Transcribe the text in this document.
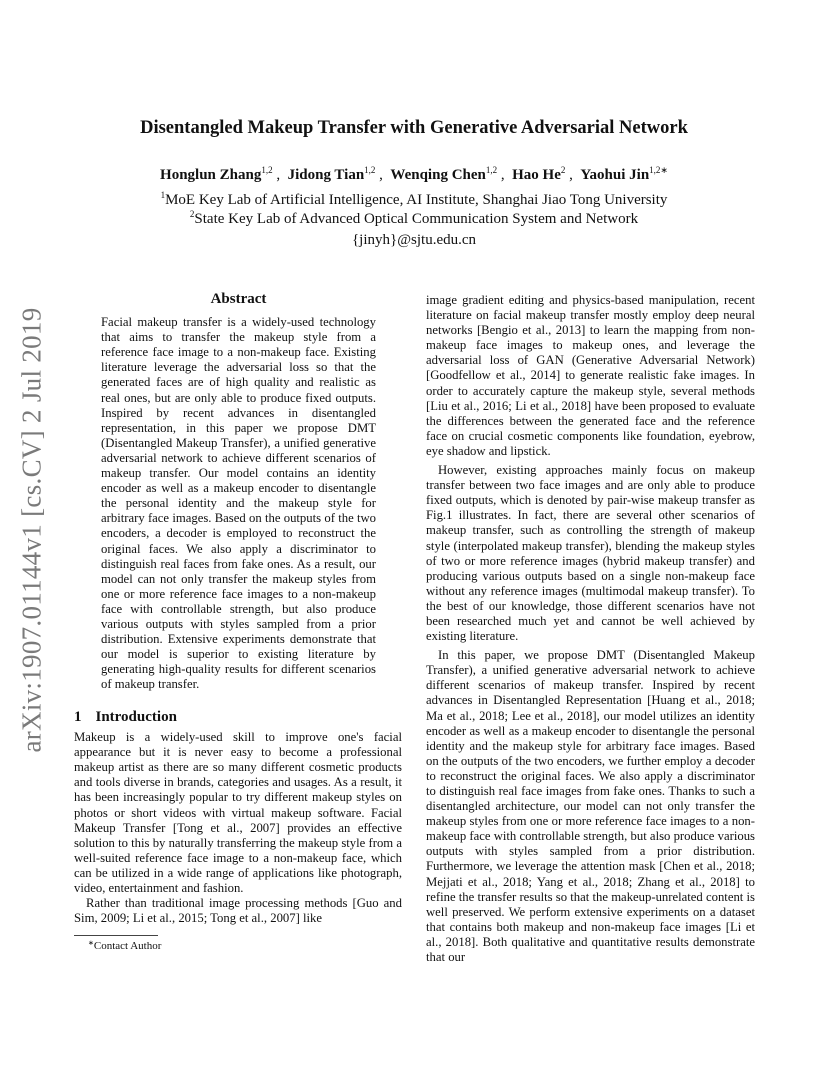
arXiv:1907.01144v1 [cs.CV] 2 Jul 2019
Disentangled Makeup Transfer with Generative Adversarial Network
Honglun Zhang$^{1,2}$ ,  Jidong Tian$^{1,2}$ ,  Wenqing Chen$^{1,2}$ ,  Hao He$^2$ ,  Yaohui Jin$^{1,2∗}$
$^1$MoE Key Lab of Artificial Intelligence, AI Institute, Shanghai Jiao Tong University
$^2$State Key Lab of Advanced Optical Communication System and Network
{jinyh}@sjtu.edu.cn
Abstract

Facial makeup transfer is a widely-used technology that aims to transfer the makeup style from a reference face image to a non-makeup face. Existing literature leverage the adversarial loss so that the generated faces are of high quality and realistic as real ones, but are only able to produce fixed outputs. Inspired by recent advances in disentangled representation, in this paper we propose DMT (Disentangled Makeup Transfer), a unified generative adversarial network to achieve different scenarios of makeup transfer. Our model contains an identity encoder as well as a makeup encoder to disentangle the personal identity and the makeup style for arbitrary face images. Based on the outputs of the two encoders, a decoder is employed to reconstruct the original faces. We also apply a discriminator to distinguish real faces from fake ones. As a result, our model can not only transfer the makeup styles from one or more reference face images to a non-makeup face with controllable strength, but also produce various outputs with styles sampled from a prior distribution. Extensive experiments demonstrate that our model is superior to existing literature by generating high-quality results for different scenarios of makeup transfer.

1 Introduction

Makeup is a widely-used skill to improve one's facial appearance but it is never easy to become a professional makeup artist as there are so many different cosmetic products and tools diverse in brands, categories and usages. As a result, it has been increasingly popular to try different makeup styles on photos or short videos with virtual makeup software. Facial Makeup Transfer [Tong et al., 2007] provides an effective solution to this by naturally transferring the makeup style from a well-suited reference face image to a non-makeup face, which can be utilized in a wide range of applications like photograph, video, entertainment and fashion.

Rather than traditional image processing methods [Guo and Sim, 2009; Li et al., 2015; Tong et al., 2007] like

∗Contact Author

image gradient editing and physics-based manipulation, recent literature on facial makeup transfer mostly employ deep neural networks [Bengio et al., 2013] to learn the mapping from non-makeup face images to makeup ones, and leverage the adversarial loss of GAN (Generative Adversarial Network) [Goodfellow et al., 2014] to generate realistic fake images. In order to accurately capture the makeup style, several methods [Liu et al., 2016; Li et al., 2018] have been proposed to evaluate the differences between the generated face and the reference face on crucial cosmetic components like foundation, eyebrow, eye shadow and lipstick.

However, existing approaches mainly focus on makeup transfer between two face images and are only able to produce fixed outputs, which is denoted by pair-wise makeup transfer as Fig.1 illustrates. In fact, there are several other scenarios of makeup transfer, such as controlling the strength of makeup style (interpolated makeup transfer), blending the makeup styles of two or more reference images (hybrid makeup transfer) and producing various outputs based on a single non-makeup face without any reference images (multimodal makeup transfer). To the best of our knowledge, those different scenarios have not been researched much yet and cannot be well achieved by existing literature.

In this paper, we propose DMT (Disentangled Makeup Transfer), a unified generative adversarial network to achieve different scenarios of makeup transfer. Inspired by recent advances in Disentangled Representation [Huang et al., 2018; Ma et al., 2018; Lee et al., 2018], our model utilizes an identity encoder as well as a makeup encoder to disentangle the personal identity and the makeup style for arbitrary face images. Based on the outputs of the two encoders, we further employ a decoder to reconstruct the original faces. We also apply a discriminator to distinguish real face images from fake ones. Thanks to such a disentangled architecture, our model can not only transfer the makeup styles from one or more reference face images to a non-makeup face with controllable strength, but also produce various outputs with styles sampled from a prior distribution. Furthermore, we leverage the attention mask [Chen et al., 2018; Mejjati et al., 2018; Yang et al., 2018; Zhang et al., 2018] to refine the transfer results so that the makeup-unrelated content is well preserved. We perform extensive experiments on a dataset that contains both makeup and non-makeup face images [Li et al., 2018]. Both qualitative and quantitative results demonstrate that our
